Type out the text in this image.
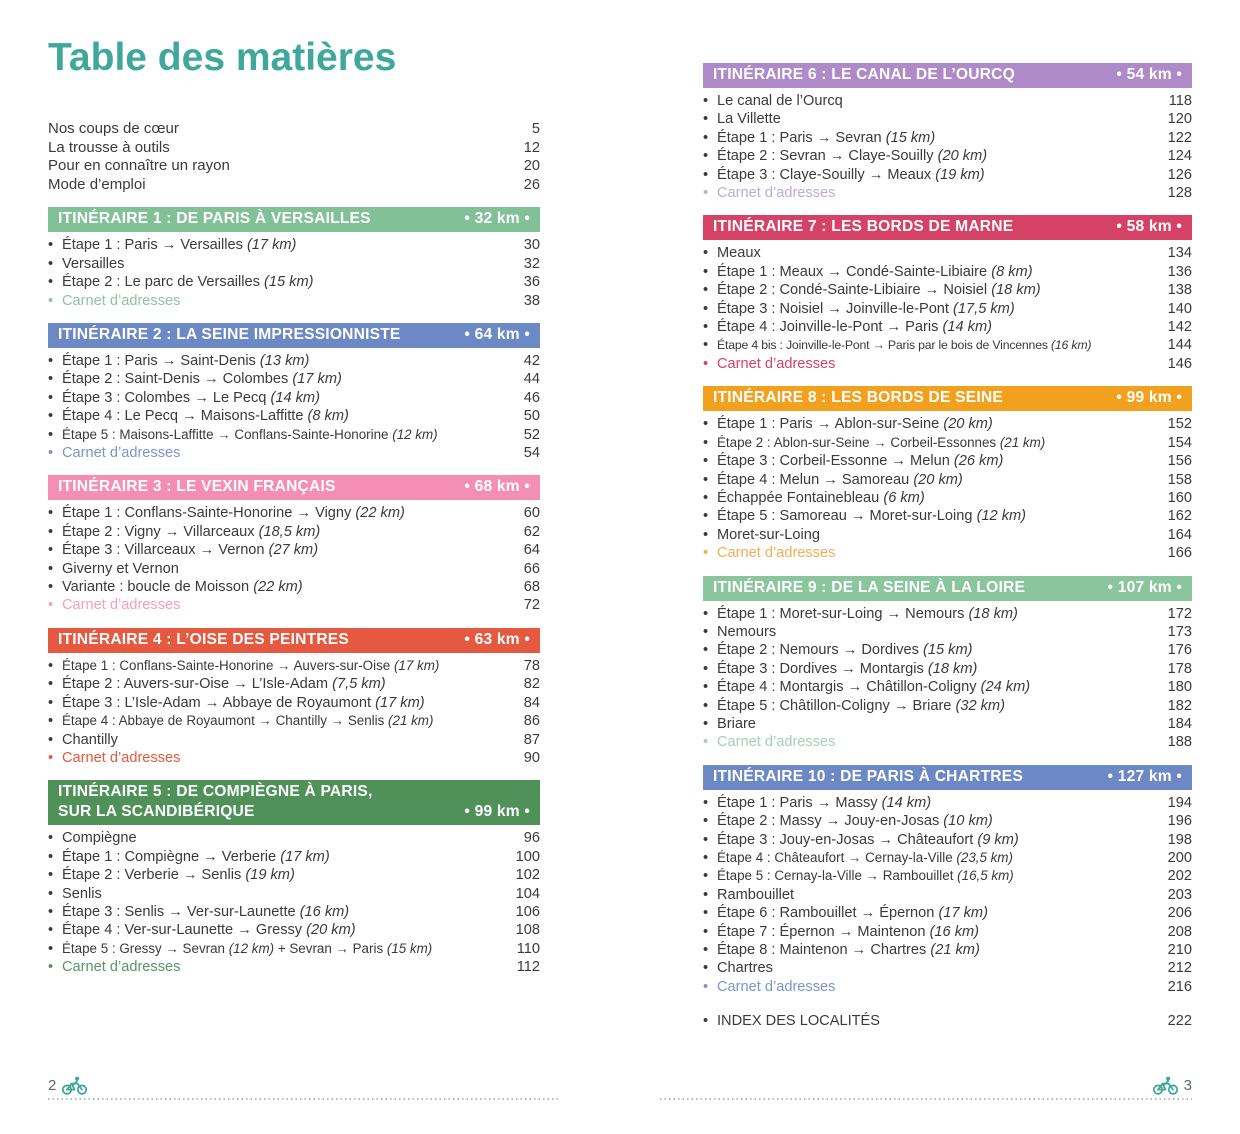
Table des matières
Nos coups de cœur	5
La trousse à outils	12
Pour en connaître un rayon	20
Mode d’emploi	26
ITINÉRAIRE 1 : DE PARIS À VERSAILLES	• 32 km •
• Étape 1 : Paris → Versailles (17 km)	30
• Versailles	32
• Étape 2 : Le parc de Versailles (15 km)	36
• Carnet d’adresses	38
ITINÉRAIRE 2 : LA SEINE IMPRESSIONNISTE	• 64 km •
• Étape 1 : Paris → Saint-Denis (13 km)	42
• Étape 2 : Saint-Denis → Colombes (17 km)	44
• Étape 3 : Colombes → Le Pecq (14 km)	46
• Étape 4 : Le Pecq → Maisons-Laffitte (8 km)	50
• Étape 5 : Maisons-Laffitte → Conflans-Sainte-Honorine (12 km)	52
• Carnet d’adresses	54
ITINÉRAIRE 3 : LE VEXIN FRANÇAIS	• 68 km •
• Étape 1 : Conflans-Sainte-Honorine → Vigny (22 km)	60
• Étape 2 : Vigny → Villarceaux (18,5 km)	62
• Étape 3 : Villarceaux → Vernon (27 km)	64
• Giverny et Vernon	66
• Variante : boucle de Moisson (22 km)	68
• Carnet d’adresses	72
ITINÉRAIRE 4 : L’OISE DES PEINTRES	• 63 km •
• Étape 1 : Conflans-Sainte-Honorine → Auvers-sur-Oise (17 km)	78
• Étape 2 : Auvers-sur-Oise → L’Isle-Adam (7,5 km)	82
• Étape 3 : L’Isle-Adam → Abbaye de Royaumont (17 km)	84
• Étape 4 : Abbaye de Royaumont → Chantilly → Senlis (21 km)	86
• Chantilly	87
• Carnet d’adresses	90
ITINÉRAIRE 5 : DE COMPIÈGNE À PARIS,
SUR LA SCANDIBÉRIQUE	• 99 km •
• Compiègne	96
• Étape 1 : Compiègne → Verberie (17 km)	100
• Étape 2 : Verberie → Senlis (19 km)	102
• Senlis	104
• Étape 3 : Senlis → Ver-sur-Launette (16 km)	106
• Étape 4 : Ver-sur-Launette → Gressy (20 km)	108
• Étape 5 : Gressy → Sevran (12 km) + Sevran → Paris (15 km)	110
• Carnet d’adresses	112
ITINÉRAIRE 6 : LE CANAL DE L’OURCQ	• 54 km •
• Le canal de l’Ourcq	118
• La Villette	120
• Étape 1 : Paris → Sevran (15 km)	122
• Étape 2 : Sevran → Claye-Souilly (20 km)	124
• Étape 3 : Claye-Souilly → Meaux (19 km)	126
• Carnet d’adresses	128
ITINÉRAIRE 7 : LES BORDS DE MARNE	• 58 km •
• Meaux	134
• Étape 1 : Meaux → Condé-Sainte-Libiaire (8 km)	136
• Étape 2 : Condé-Sainte-Libiaire → Noisiel (18 km)	138
• Étape 3 : Noisiel → Joinville-le-Pont (17,5 km)	140
• Étape 4 : Joinville-le-Pont → Paris (14 km)	142
• Étape 4 bis : Joinville-le-Pont → Paris par le bois de Vincennes (16 km)	144
• Carnet d’adresses	146
ITINÉRAIRE 8 : LES BORDS DE SEINE	• 99 km •
• Étape 1 : Paris → Ablon-sur-Seine (20 km)	152
• Étape 2 : Ablon-sur-Seine → Corbeil-Essonnes (21 km)	154
• Étape 3 : Corbeil-Essonne → Melun (26 km)	156
• Étape 4 : Melun → Samoreau (20 km)	158
• Échappée Fontainebleau (6 km)	160
• Étape 5 : Samoreau → Moret-sur-Loing (12 km)	162
• Moret-sur-Loing	164
• Carnet d’adresses	166
ITINÉRAIRE 9 : DE LA SEINE À LA LOIRE	• 107 km •
• Étape 1 : Moret-sur-Loing → Nemours (18 km)	172
• Nemours	173
• Étape 2 : Nemours → Dordives (15 km)	176
• Étape 3 : Dordives → Montargis (18 km)	178
• Étape 4 : Montargis → Châtillon-Coligny (24 km)	180
• Étape 5 : Châtillon-Coligny → Briare (32 km)	182
• Briare	184
• Carnet d’adresses	188
ITINÉRAIRE 10 : DE PARIS À CHARTRES	• 127 km •
• Étape 1 : Paris → Massy (14 km)	194
• Étape 2 : Massy → Jouy-en-Josas (10 km)	196
• Étape 3 : Jouy-en-Josas → Châteaufort (9 km)	198
• Étape 4 : Châteaufort → Cernay-la-Ville (23,5 km)	200
• Étape 5 : Cernay-la-Ville → Rambouillet (16,5 km)	202
• Rambouillet	203
• Étape 6 : Rambouillet → Épernon (17 km)	206
• Étape 7 : Épernon → Maintenon (16 km)	208
• Étape 8 : Maintenon → Chartres (21 km)	210
• Chartres	212
• Carnet d’adresses	216
• INDEX DES LOCALITÉS	222
2	3
